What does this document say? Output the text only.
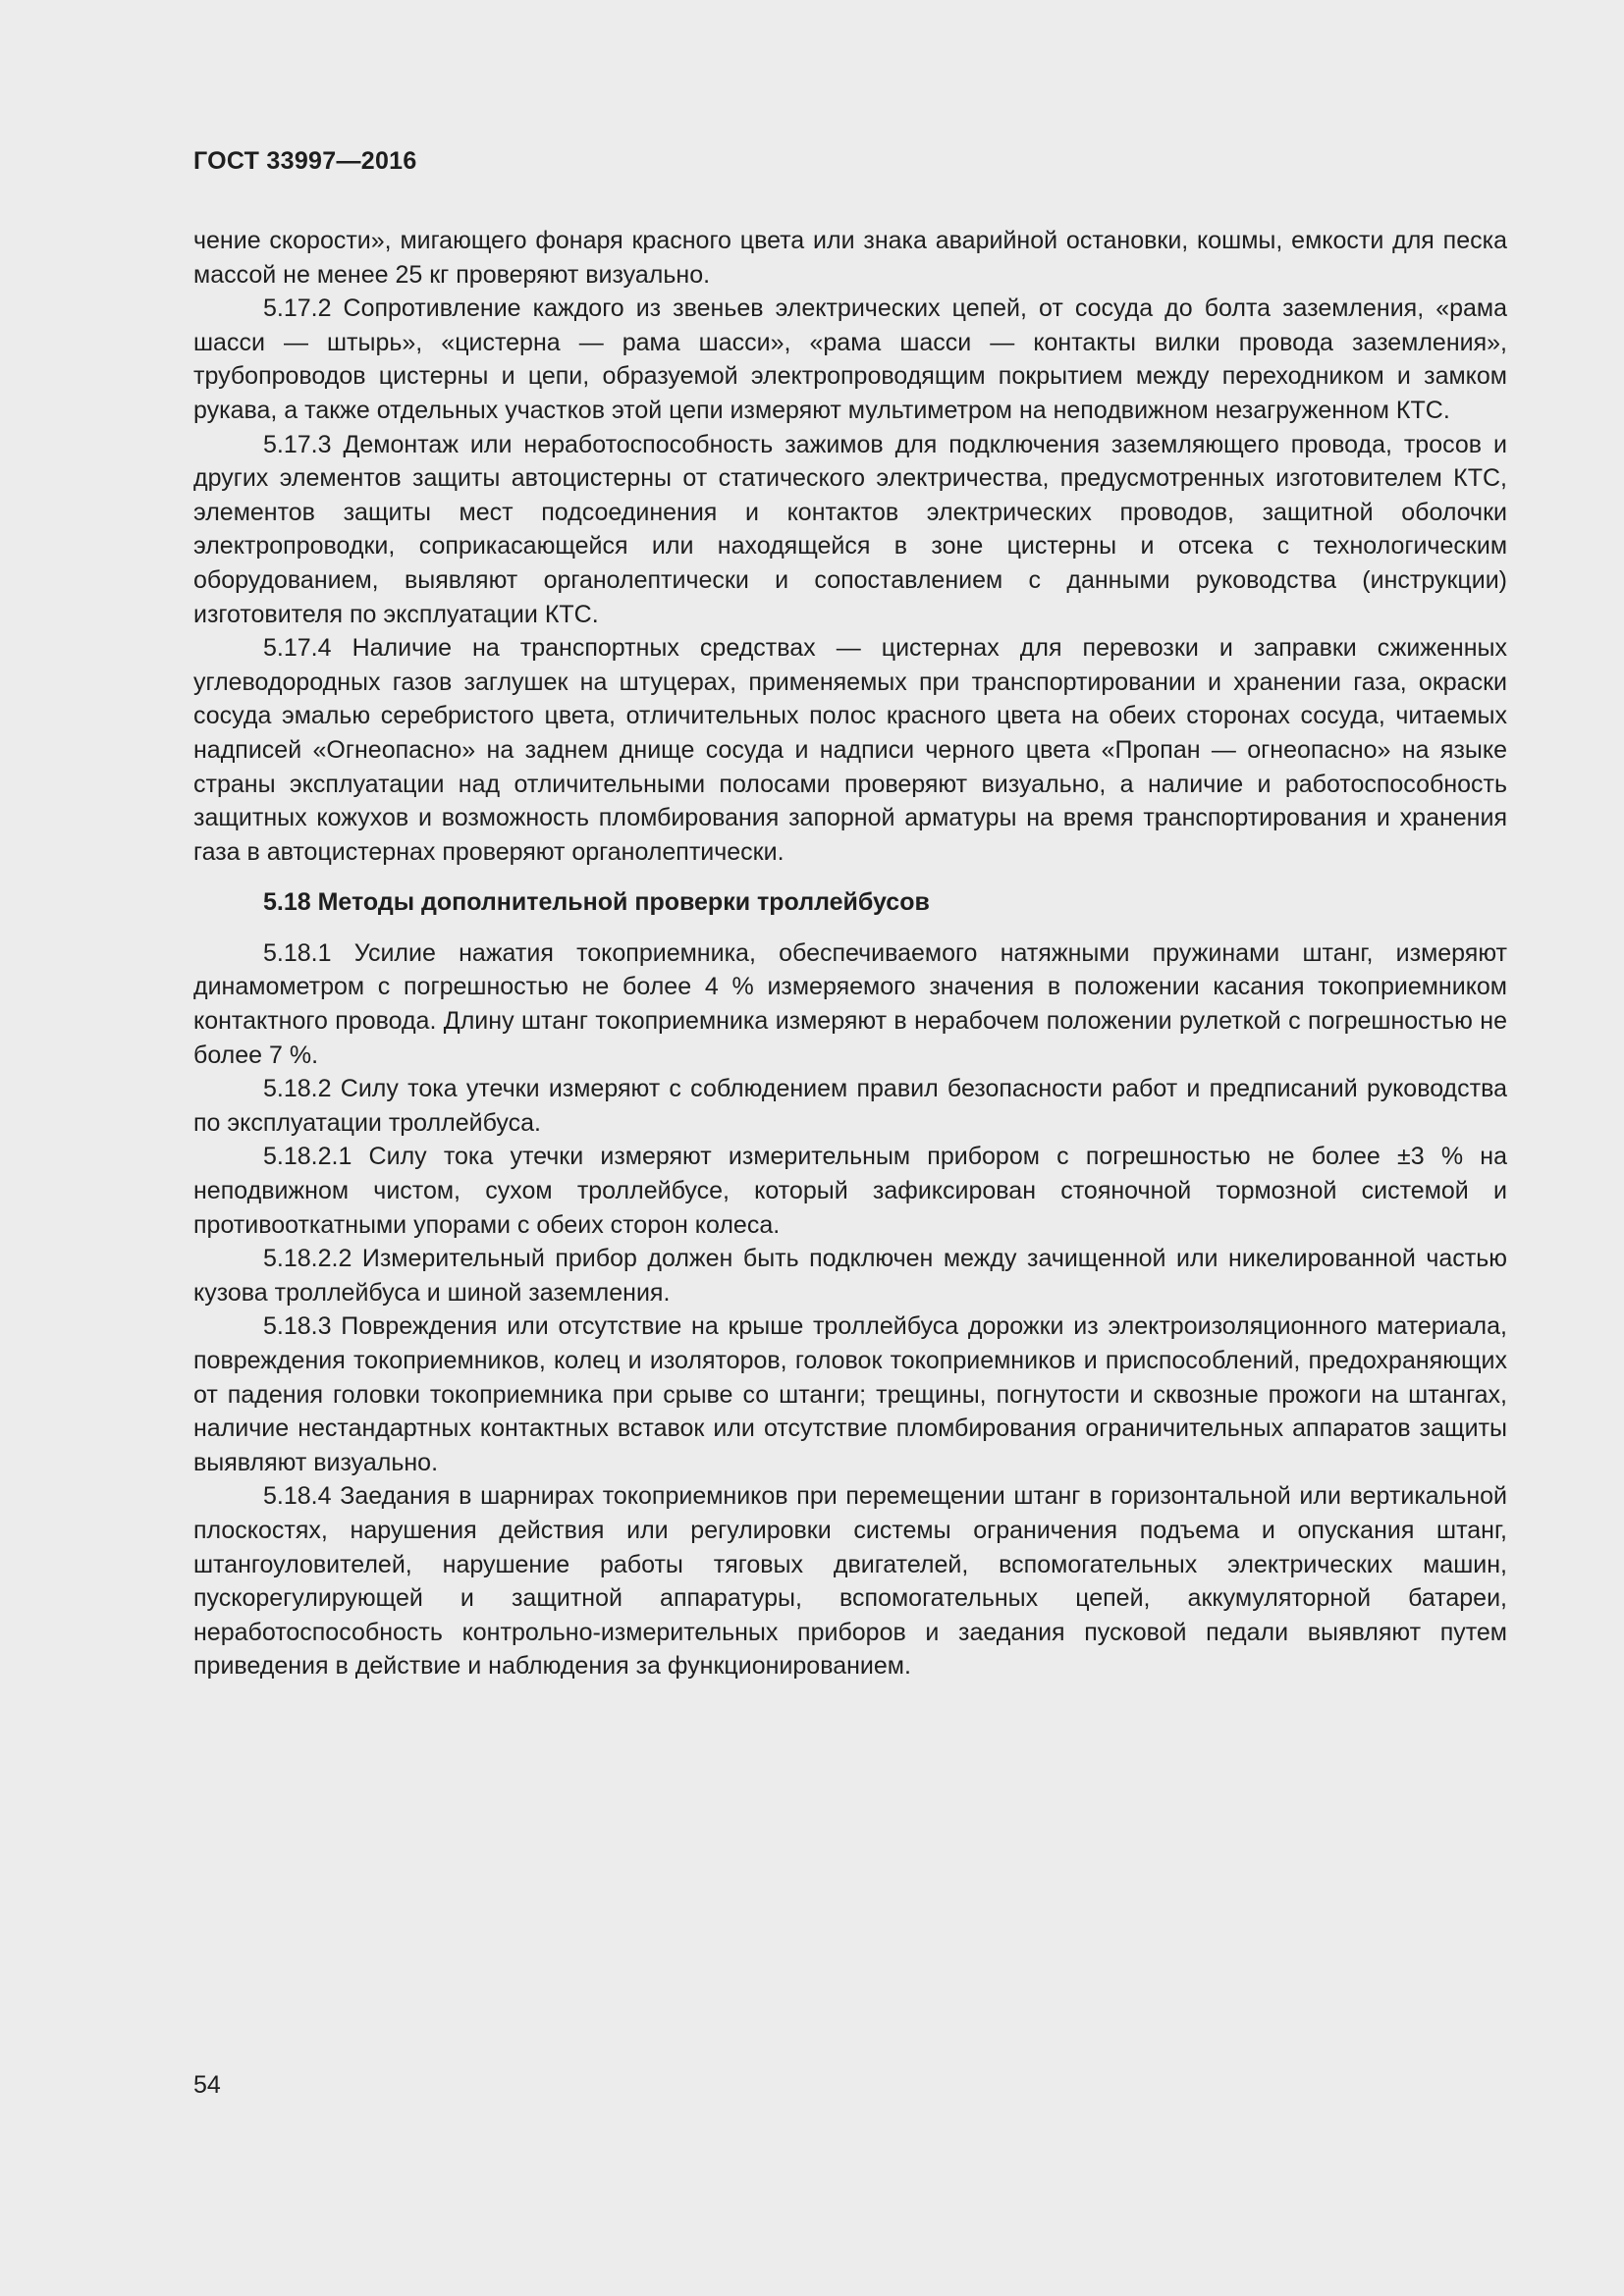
ГОСТ 33997—2016

чение скорости», мигающего фонаря красного цвета или знака аварийной остановки, кошмы, емкости для песка массой не менее 25 кг проверяют визуально.

5.17.2 Сопротивление каждого из звеньев электрических цепей, от сосуда до болта заземления, «рама шасси — штырь», «цистерна — рама шасси», «рама шасси — контакты вилки провода заземления», трубопроводов цистерны и цепи, образуемой электропроводящим покрытием между переходником и замком рукава, а также отдельных участков этой цепи измеряют мультиметром на неподвижном незагруженном КТС.

5.17.3 Демонтаж или неработоспособность зажимов для подключения заземляющего провода, тросов и других элементов защиты автоцистерны от статического электричества, предусмотренных изготовителем КТС, элементов защиты мест подсоединения и контактов электрических проводов, защитной оболочки электропроводки, соприкасающейся или находящейся в зоне цистерны и отсека с технологическим оборудованием, выявляют органолептически и сопоставлением с данными руководства (инструкции) изготовителя по эксплуатации КТС.

5.17.4 Наличие на транспортных средствах — цистернах для перевозки и заправки сжиженных углеводородных газов заглушек на штуцерах, применяемых при транспортировании и хранении газа, окраски сосуда эмалью серебристого цвета, отличительных полос красного цвета на обеих сторонах сосуда, читаемых надписей «Огнеопасно» на заднем днище сосуда и надписи черного цвета «Пропан — огнеопасно» на языке страны эксплуатации над отличительными полосами проверяют визуально, а наличие и работоспособность защитных кожухов и возможность пломбирования запорной арматуры на время транспортирования и хранения газа в автоцистернах проверяют органолептически.

5.18 Методы дополнительной проверки троллейбусов

5.18.1 Усилие нажатия токоприемника, обеспечиваемого натяжными пружинами штанг, измеряют динамометром с погрешностью не более 4 % измеряемого значения в положении касания токоприемником контактного провода. Длину штанг токоприемника измеряют в нерабочем положении рулеткой с погрешностью не более 7 %.

5.18.2 Силу тока утечки измеряют с соблюдением правил безопасности работ и предписаний руководства по эксплуатации троллейбуса.

5.18.2.1 Силу тока утечки измеряют измерительным прибором с погрешностью не более ±3 % на неподвижном чистом, сухом троллейбусе, который зафиксирован стояночной тормозной системой и противооткатными упорами с обеих сторон колеса.

5.18.2.2 Измерительный прибор должен быть подключен между зачищенной или никелированной частью кузова троллейбуса и шиной заземления.

5.18.3 Повреждения или отсутствие на крыше троллейбуса дорожки из электроизоляционного материала, повреждения токоприемников, колец и изоляторов, головок токоприемников и приспособлений, предохраняющих от падения головки токоприемника при срыве со штанги; трещины, погнутости и сквозные прожоги на штангах, наличие нестандартных контактных вставок или отсутствие пломбирования ограничительных аппаратов защиты выявляют визуально.

5.18.4 Заедания в шарнирах токоприемников при перемещении штанг в горизонтальной или вертикальной плоскостях, нарушения действия или регулировки системы ограничения подъема и опускания штанг, штангоуловителей, нарушение работы тяговых двигателей, вспомогательных электрических машин, пускорегулирующей и защитной аппаратуры, вспомогательных цепей, аккумуляторной батареи, неработоспособность контрольно-измерительных приборов и заедания пусковой педали выявляют путем приведения в действие и наблюдения за функционированием.

54
